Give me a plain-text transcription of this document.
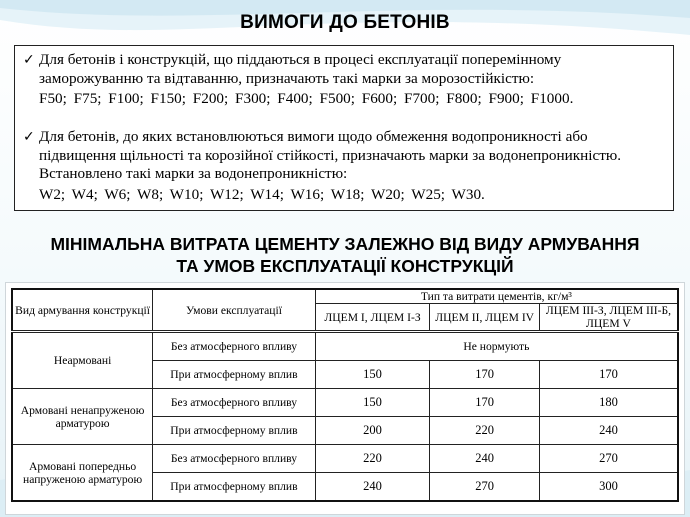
ВИМОГИ ДО БЕТОНІВ
✓ Для бетонів і конструкцій, що піддаються в процесі експлуатації поперемінному заморожуванню та відтаванню, призначають такі марки за морозостійкістю:
F50; F75; F100; F150; F200; F300; F400; F500; F600; F700; F800; F900; F1000.
✓ Для бетонів, до яких встановлюються вимоги щодо обмеження водопроникності або підвищення щільності та корозійної стійкості, призначають марки за водонепроникністю. Встановлено такі марки за водонепроникністю:
W2; W4; W6; W8; W10; W12; W14; W16; W18; W20; W25; W30.
МІНІМАЛЬНА ВИТРАТА ЦЕМЕНТУ ЗАЛЕЖНО ВІД ВИДУ АРМУВАННЯ
ТА УМОВ ЕКСПЛУАТАЦІЇ КОНСТРУКЦІЙ
Вид армування конструкції	Умови експлуатації	Тип та витрати цементів, кг/м³		
		ЛЦЕМ І, ЛЦЕМ І-З	ЛЦЕМ ІІ, ЛЦЕМ ІV	ЛЦЕМ ІІІ-З, ЛЦЕМ ІІІ-Б, ЛЦЕМ V
Неармовані	Без атмосферного впливу	Не нормують		
	При атмосферному вплив	150	170	170
Армовані ненапруженою арматурою	Без атмосферного впливу	150	170	180
	При атмосферному вплив	200	220	240
Армовані попередньо напруженою арматурою	Без атмосферного впливу	220	240	270
	При атмосферному вплив	240	270	300
